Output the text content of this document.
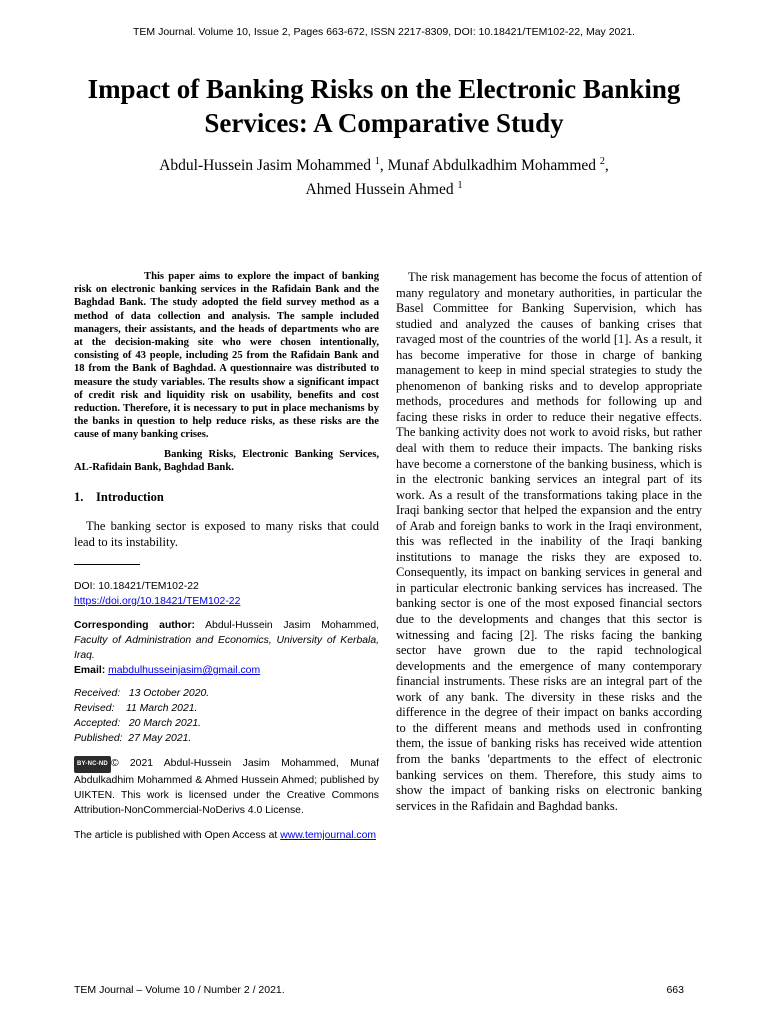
TEM Journal. Volume 10, Issue 2, Pages 663-672, ISSN 2217-8309, DOI: 10.18421/TEM102-22, May 2021.
Impact of Banking Risks on the Electronic Banking Services: A Comparative Study
Abdul-Hussein Jasim Mohammed $^1$, Munaf Abdulkadhim Mohammed $^2$,
Ahmed Hussein Ahmed $^1$

This paper aims to explore the impact of banking risk on electronic banking services in the Rafidain Bank and the Baghdad Bank. The study adopted the field survey method as a method of data collection and analysis. The sample included managers, their assistants, and the heads of departments who are at the decision-making site who were chosen intentionally, consisting of 43 people, including 25 from the Rafidain Bank and 18 from the Bank of Baghdad. A questionnaire was distributed to measure the study variables. The results show a significant impact of credit risk and liquidity risk on usability, benefits and cost reduction. Therefore, it is necessary to put in place mechanisms by the banks in question to help reduce risks, as these risks are the cause of many banking crises.

Banking Risks, Electronic Banking Services, AL-Rafidain Bank, Baghdad Bank.

1. Introduction

The banking sector is exposed to many risks that could lead to its instability.

DOI: 10.18421/TEM102-22
https://doi.org/10.18421/TEM102-22

Corresponding author: Abdul-Hussein Jasim Mohammed, Faculty of Administration and Economics, University of Kerbala, Iraq.
Email: mabdulhusseinjasim@gmail.com

Received:   13 October 2020.
Revised:    11 March 2021.
Accepted:   20 March 2021.
Published:  27 May 2021.

BY-NC-ND © 2021 Abdul-Hussein Jasim Mohammed, Munaf Abdulkadhim Mohammed & Ahmed Hussein Ahmed; published by UIKTEN. This work is licensed under the Creative Commons Attribution-NonCommercial-NoDerivs 4.0 License.

The article is published with Open Access at www.temjournal.com

The risk management has become the focus of attention of many regulatory and monetary authorities, in particular the Basel Committee for Banking Supervision, which has studied and analyzed the causes of banking crises that ravaged most of the countries of the world [1]. As a result, it has become imperative for those in charge of banking management to keep in mind special strategies to study the phenomenon of banking risks and to develop appropriate methods, procedures and methods for following up and facing these risks in order to reduce their negative effects. The banking activity does not work to avoid risks, but rather deal with them to reduce their impacts. The banking risks have become a cornerstone of the banking business, which is in the electronic banking services an integral part of its work. As a result of the transformations taking place in the Iraqi banking sector that helped the expansion and the entry of Arab and foreign banks to work in the Iraqi environment, this was reflected in the inability of the Iraqi banking institutions to manage the risks they are exposed to. Consequently, its impact on banking services in general and in particular electronic banking services has increased. The banking sector is one of the most exposed financial sectors due to the developments and changes that this sector is witnessing and facing [2]. The risks facing the banking sector have grown due to the rapid technological developments and the emergence of many contemporary financial instruments. These risks are an integral part of the work of any bank. The diversity in these risks and the difference in the degree of their impact on banks according to the different means and methods used in confronting them, the issue of banking risks has received wide attention from the banks 'departments to the effect of electronic banking services on them. Therefore, this study aims to show the impact of banking risks on electronic banking services in the Rafidain and Baghdad banks.

TEM Journal – Volume 10 / Number 2 / 2021.	663
